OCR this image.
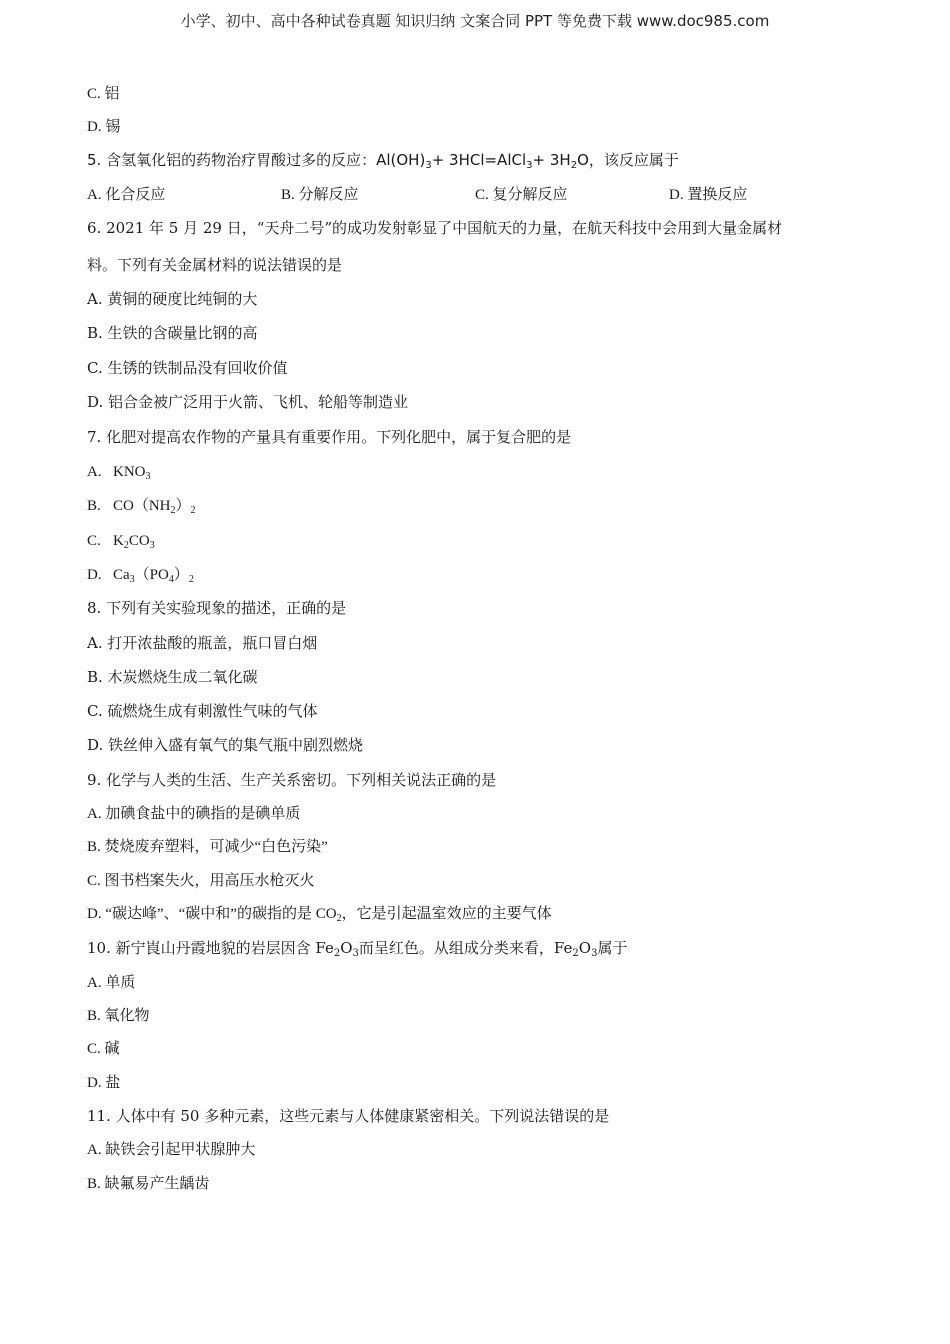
小学、初中、高中各种试卷真题 知识归纳 文案合同 PPT 等免费下载 www.doc985.com
C. 铝
D. 锡
5. 含氢氧化铝的药物治疗胃酸过多的反应：$Al(OH)_3+$ 3HCl=AlCl$_3$+ $3H_2O$，该反应属于
A. 化合反应	B. 分解反应	C. 复分解反应	D. 置换反应
6. 2021 年 5 月 29 日，“天舟二号”的成功发射彰显了中国航天的力量，在航天科技中会用到大量金属材
料。下列有关金属材料的说法错误的是
A. 黄铜的硬度比纯铜的大
B. 生铁的含碳量比钢的高
C. 生锈的铁制品没有回收价值
D. 铝合金被广泛用于火箭、飞机、轮船等制造业
7. 化肥对提高农作物的产量具有重要作用。下列化肥中，属于复合肥的是
A. $KNO_3$
B. $CO(NH_2)_2$
C. $K_2CO_3$
D. $Ca_3(PO_4)_2$
8. 下列有关实验现象的描述，正确的是
A. 打开浓盐酸的瓶盖，瓶口冒白烟
B. 木炭燃烧生成二氧化碳
C. 硫燃烧生成有刺激性气味的气体
D. 铁丝伸入盛有氧气的集气瓶中剧烈燃烧
9. 化学与人类的生活、生产关系密切。下列相关说法正确的是
A. 加碘食盐中的碘指的是碘单质
B. 焚烧废弃塑料，可减少“白色污染”
C. 图书档案失火，用高压水枪灭火
D. “碳达峰”、“碳中和”的碳指的是 $CO_2$，它是引起温室效应的主要气体
10. 新宁崀山丹霞地貌的岩层因含 $Fe_2O_3$而呈红色。从组成分类来看，$Fe_2O_3$属于
A. 单质
B. 氧化物
C. 碱
D. 盐
11. 人体中有 50 多种元素，这些元素与人体健康紧密相关。下列说法错误的是
A. 缺铁会引起甲状腺肿大
B. 缺氟易产生龋齿
